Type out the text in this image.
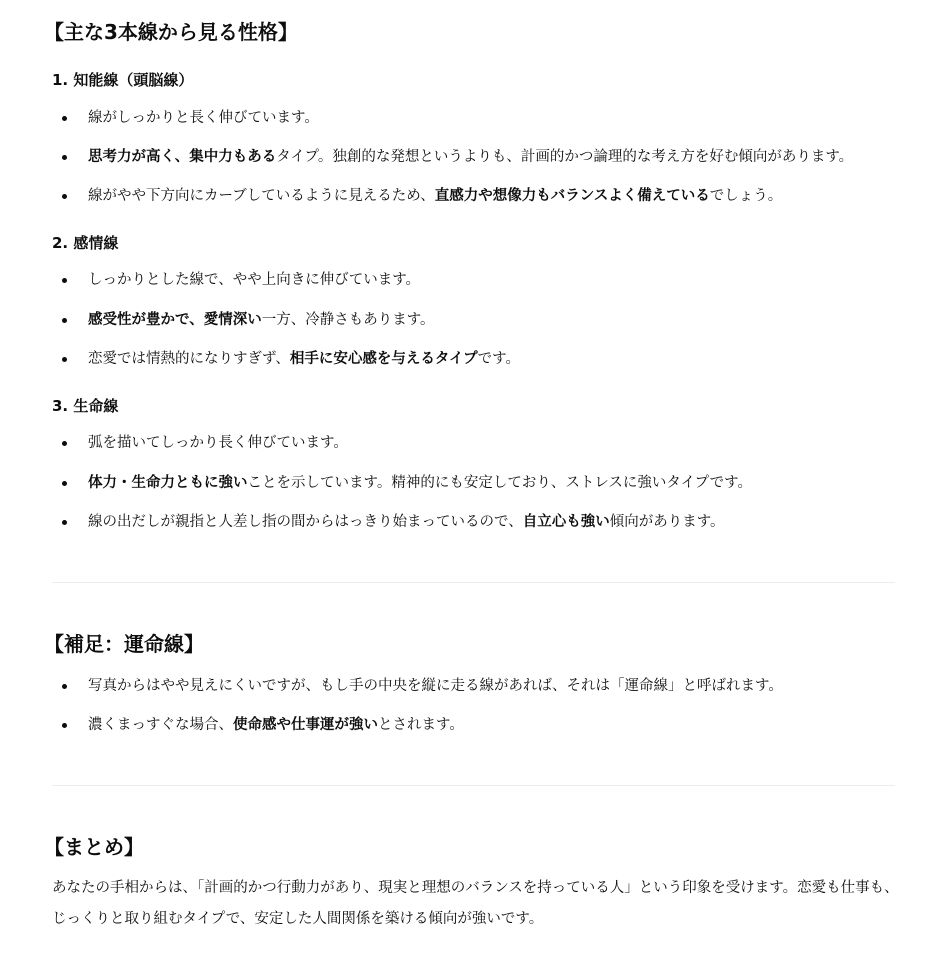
【主な3本線から見る性格】
1. 知能線（頭脳線）
線がしっかりと長く伸びています。
思考力が高く、集中力もあるタイプ。独創的な発想というよりも、計画的かつ論理的な考え方を好む傾向があります。
線がやや下方向にカーブしているように見えるため、直感力や想像力もバランスよく備えているでしょう。
2. 感情線
しっかりとした線で、やや上向きに伸びています。
感受性が豊かで、愛情深い一方、冷静さもあります。
恋愛では情熱的になりすぎず、相手に安心感を与えるタイプです。
3. 生命線
弧を描いてしっかり長く伸びています。
体力・生命力ともに強いことを示しています。精神的にも安定しており、ストレスに強いタイプです。
線の出だしが親指と人差し指の間からはっきり始まっているので、自立心も強い傾向があります。
【補足：運命線】
写真からはやや見えにくいですが、もし手の中央を縦に走る線があれば、それは「運命線」と呼ばれます。
濃くまっすぐな場合、使命感や仕事運が強いとされます。
【まとめ】

あなたの手相からは、「計画的かつ行動力があり、現実と理想のバランスを持っている人」という印象を受けます。恋愛も仕事も、じっくりと取り組むタイプで、安定した人間関係を築ける傾向が強いです。
